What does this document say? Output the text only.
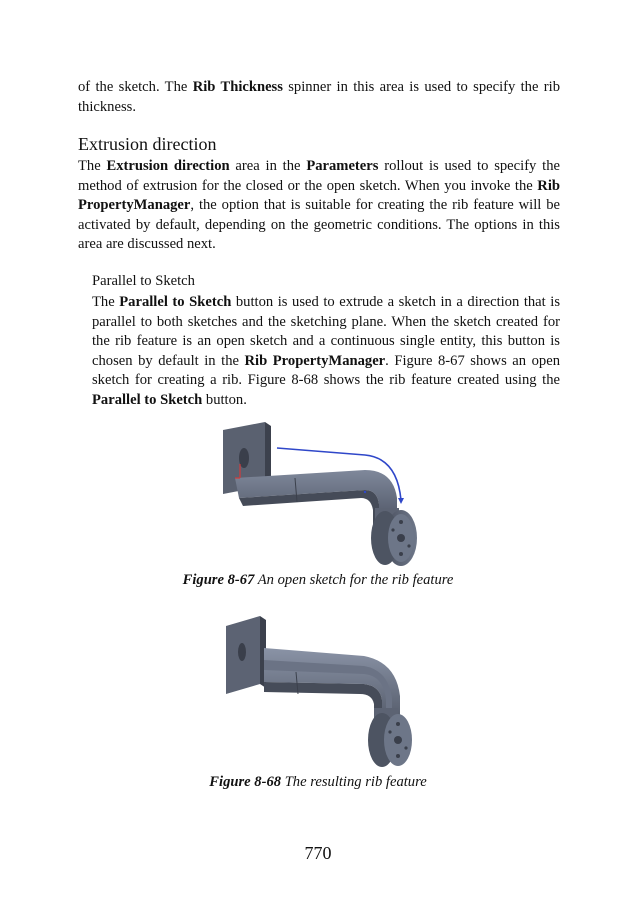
of the sketch. The Rib Thickness spinner in this area is used to specify the rib thickness.

Extrusion direction

The Extrusion direction area in the Parameters rollout is used to specify the method of extrusion for the closed or the open sketch. When you invoke the Rib PropertyManager, the option that is suitable for creating the rib feature will be activated by default, depending on the geometric conditions. The options in this area are discussed next.

Parallel to Sketch

The Parallel to Sketch button is used to extrude a sketch in a direction that is parallel to both sketches and the sketching plane. When the sketch created for the rib feature is an open sketch and a continuous single entity, this button is chosen by default in the Rib PropertyManager. Figure 8-67 shows an open sketch for creating a rib. Figure 8-68 shows the rib feature created using the Parallel to Sketch button.

Figure 8-67 An open sketch for the rib feature
Figure 8-68 The resulting rib feature
770
